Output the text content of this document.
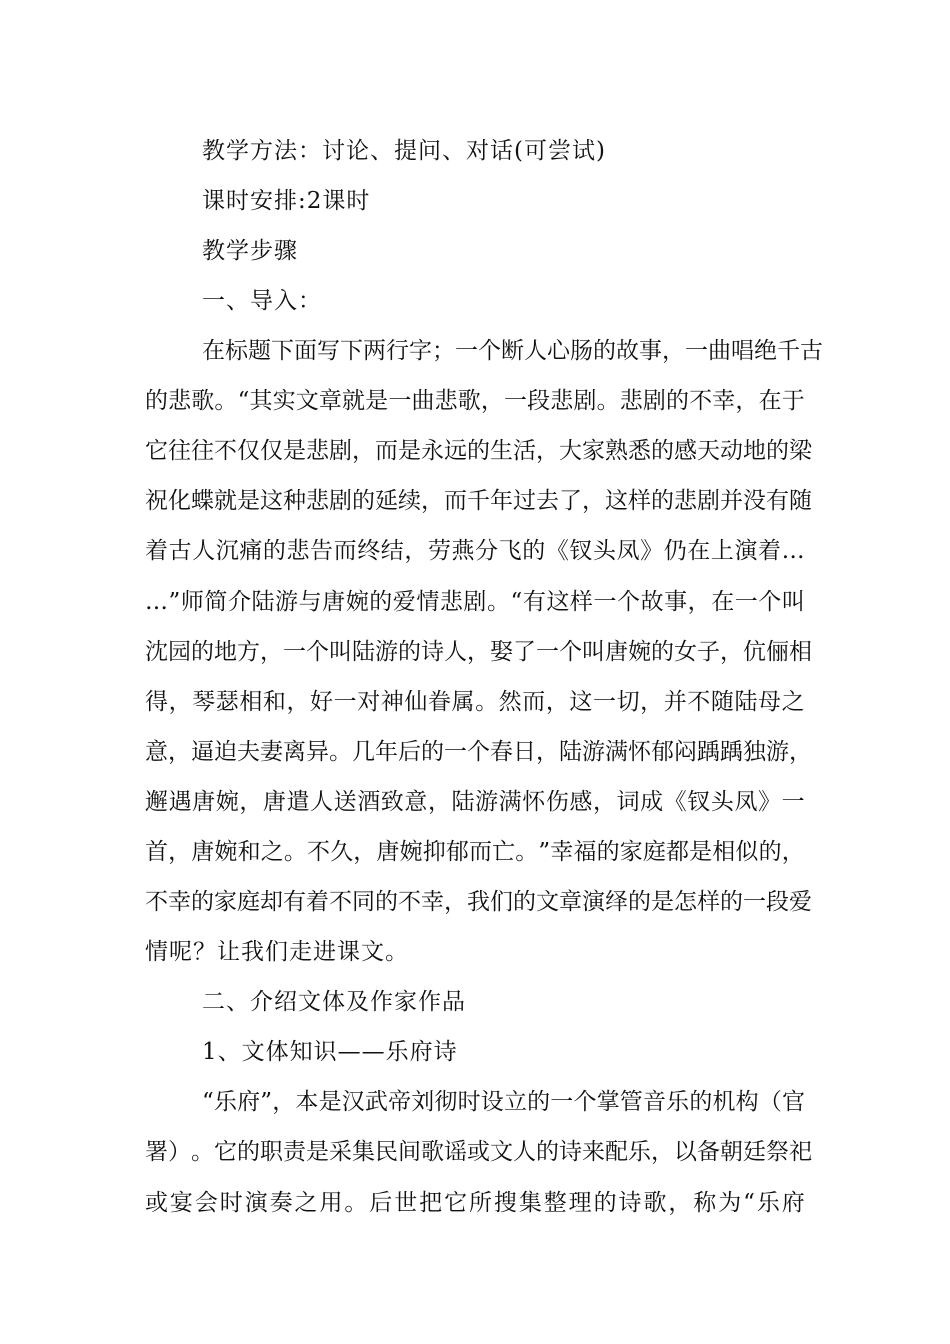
教学方法：讨论、提问、对话(可尝试)
课时安排:2课时
教学步骤
一、导入：
在 标 题 下 面 写 下 两 行 字 ； 一 个 断 人 心 肠 的 故 事 ， 一 曲 唱 绝 千 古
的 悲 歌 。 “ 其 实 文 章 就 是 一 曲 悲 歌 ， 一 段 悲 剧 。 悲 剧 的 不 幸 ， 在 于
它 往 往 不 仅 仅 是 悲 剧 ， 而 是 永 远 的 生 活 ， 大 家 熟 悉 的 感 天 动 地 的 梁
祝 化 蝶 就 是 这 种 悲 剧 的 延 续 ， 而 千 年 过 去 了 ， 这 样 的 悲 剧 并 没 有 随
着 古 人 沉 痛 的 悲 告 而 终 结 ， 劳 燕 分 飞 的 《 钗 头 凤 》 仍 在 上 演 着 …
… ” 师 简 介 陆 游 与 唐 婉 的 爱 情 悲 剧 。 “ 有 这 样 一 个 故 事 ， 在 一 个 叫
沈 园 的 地 方 ， 一 个 叫 陆 游 的 诗 人 ， 娶 了 一 个 叫 唐 婉 的 女 子 ， 伉 俪 相
得 ， 琴 瑟 相 和 ， 好 一 对 神 仙 眷 属 。 然 而 ， 这 一 切 ， 并 不 随 陆 母 之
意 ， 逼 迫 夫 妻 离 异 。 几 年 后 的 一 个 春 日 ， 陆 游 满 怀 郁 闷 踽 踽 独 游 ，
邂 遇 唐 婉 ， 唐 遣 人 送 酒 致 意 ， 陆 游 满 怀 伤 感 ， 词 成 《 钗 头 凤 》 一
首 ， 唐 婉 和 之 。 不 久 ， 唐 婉 抑 郁 而 亡 。 ” 幸 福 的 家 庭 都 是 相 似 的 ，
不 幸 的 家 庭 却 有 着 不 同 的 不 幸 ， 我 们 的 文 章 演 绎 的 是 怎 样 的 一 段 爱
情呢？让我们走进课文。
二、介绍文体及作家作品
1、文体知识——乐府诗
“ 乐 府 ” ， 本 是 汉 武 帝 刘 彻 时 设 立 的 一 个 掌 管 音 乐 的 机 构 （ 官
署 ） 。 它 的 职 责 是 采 集 民 间 歌 谣 或 文 人 的 诗 来 配 乐 ， 以 备 朝 廷 祭 祀
或 宴 会 时 演 奏 之 用 。 后 世 把 它 所 搜 集 整 理 的 诗 歌 ， 称 为 “ 乐 府
